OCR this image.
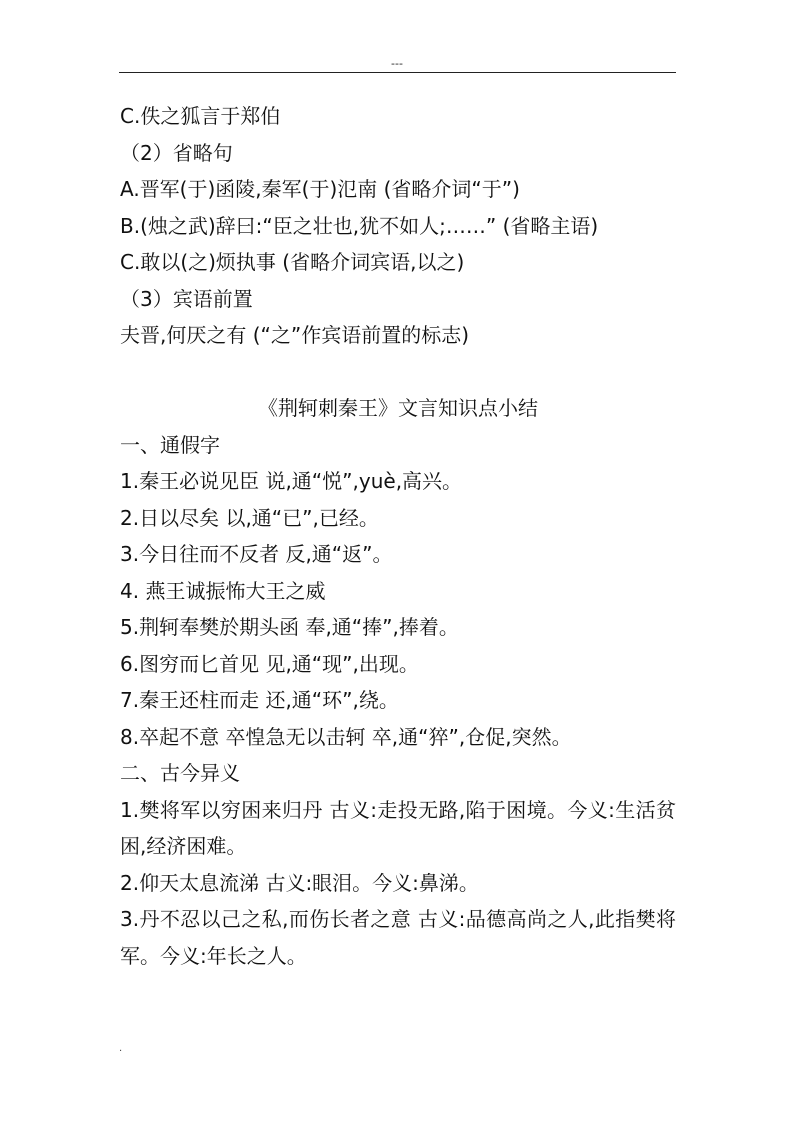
---

C.佚之狐言于郑伯

（2）省略句

A.晋军(于)函陵,秦军(于)氾南 (省略介词“于”)

B.(烛之武)辞曰:“臣之壮也,犹不如人;……” (省略主语)

C.敢以(之)烦执事 (省略介词宾语,以之)

（3）宾语前置

夫晋,何厌之有 (“之”作宾语前置的标志)

《荆轲刺秦王》文言知识点小结

一、通假字

1.秦王必说见臣 说,通“悦”,yuè,高兴。

2.日以尽矣 以,通“已”,已经。

3.今日往而不反者 反,通“返”。

4. 燕王诚振怖大王之威

5.荆轲奉樊於期头函 奉,通“捧”,捧着。

6.图穷而匕首见 见,通“现”,出现。

7.秦王还柱而走 还,通“环”,绕。

8.卒起不意 卒惶急无以击轲 卒,通“猝”,仓促,突然。

二、古今异义

1.樊将军以穷困来归丹 古义:走投无路,陷于困境。今义:生活贫困,经济困难。

2.仰天太息流涕 古义:眼泪。今义:鼻涕。

3.丹不忍以己之私,而伤长者之意 古义:品德高尚之人,此指樊将军。今义:年长之人。

.
